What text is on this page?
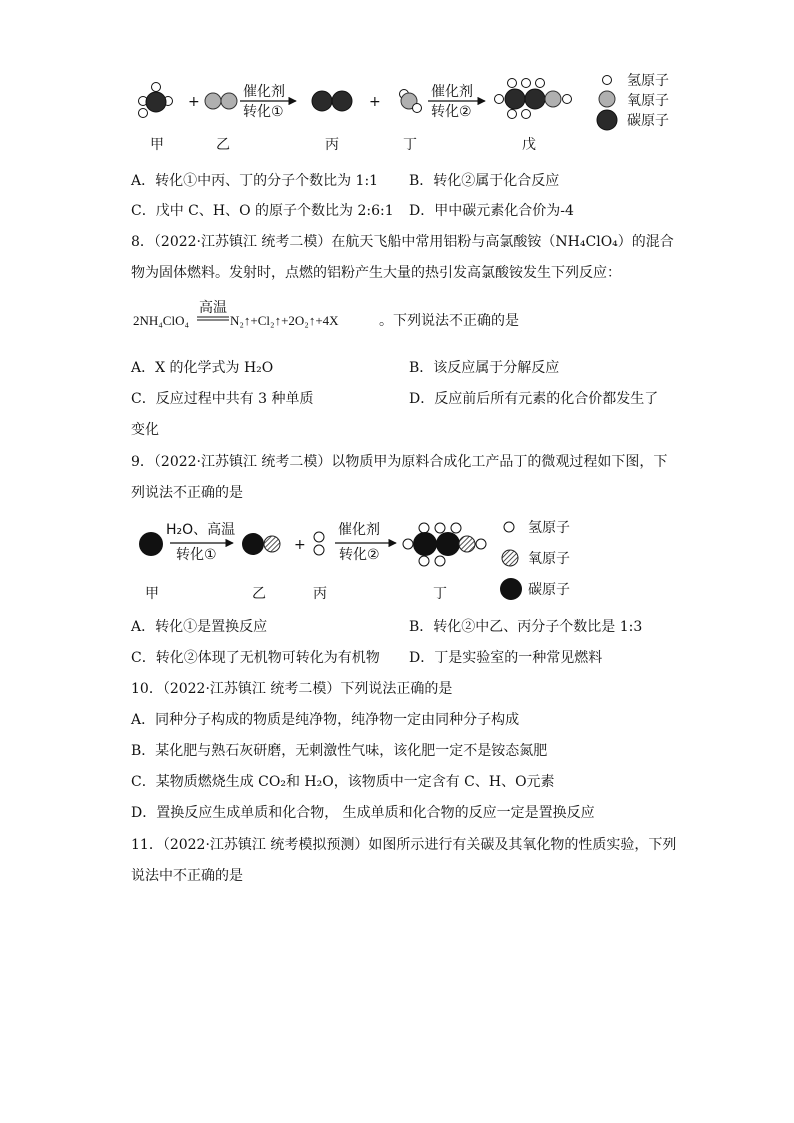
+
催化剂
转化①
+
催化剂
转化②
氢原子
氧原子
碳原子
甲	乙	丙	丁	戊
A．转化①中丙、丁的分子个数比为 1:1 B．转化②属于化合反应
C．戊中 C、H、O 的原子个数比为 2:6:1 D．甲中碳元素化合价为-4
8．（2022·江苏镇江 统考二模）在航天飞船中常用铝粉与高氯酸铵（NH₄ClO₄）的混合
物为固体燃料。发射时，点燃的铝粉产生大量的热引发高氯酸铵发生下列反应：
2NH₄ClO₄
高温
N₂↑+Cl₂↑+2O₂↑+4X	。下列说法不正确的是
A．X 的化学式为 H₂O	B．该反应属于分解反应
C．反应过程中共有 3 种单质	D．反应前后所有元素的化合价都发生了
变化
9．（2022·江苏镇江 统考二模）以物质甲为原料合成化工产品丁的微观过程如下图，下
列说法不正确的是
H₂O、高温
转化①
+
催化剂
转化②
氢原子
氧原子
碳原子
甲	乙	丙	丁
A．转化①是置换反应	B．转化②中乙、丙分子个数比是 1:3
C．转化②体现了无机物可转化为有机物 D．丁是实验室的一种常见燃料
10．（2022·江苏镇江 统考二模）下列说法正确的是
A．同种分子构成的物质是纯净物，纯净物一定由同种分子构成
B．某化肥与熟石灰研磨，无刺激性气味，该化肥一定不是铵态氮肥
C．某物质燃烧生成 CO₂和 H₂O，该物质中一定含有 C、H、O元素
D．置换反应生成单质和化合物， 生成单质和化合物的反应一定是置换反应
11．（2022·江苏镇江 统考模拟预测）如图所示进行有关碳及其氧化物的性质实验，下列
说法中不正确的是
